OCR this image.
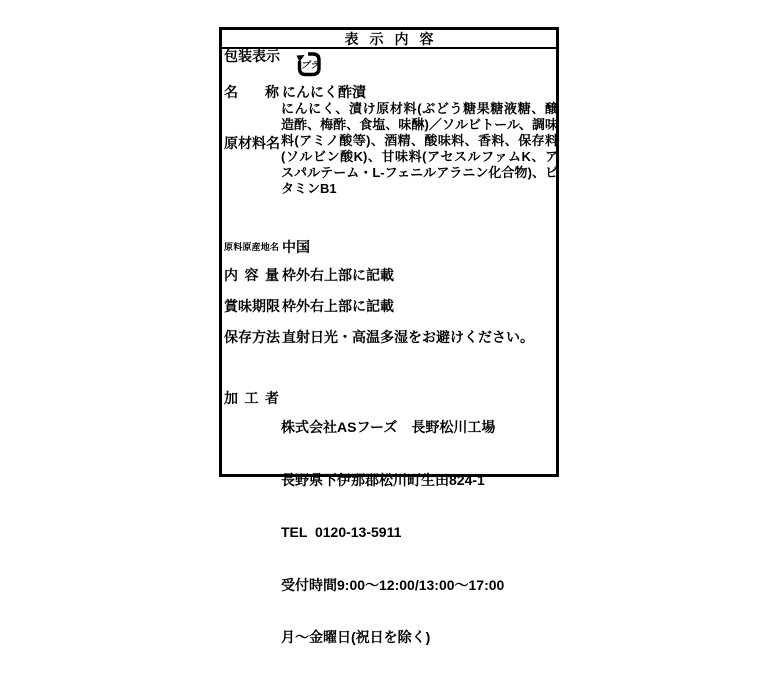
表 示 内 容
包 装 表 示
プラ
名 称 にんにく酢漬
原 材 料 名
にんにく、漬け原材料(ぶどう糖果糖液糖、醸造酢、梅酢、食塩、味醂)／ソルビトール、調味料(アミノ酸等)、酒精、酸味料、香料、保存料(ソルビン酸K)、甘味料(アセスルファムK、アスパルテーム・L-フェニルアラニン化合物)、ビタミンB1
原 料 原 産 地 名 中国
内 容 量 枠外右上部に記載
賞 味 期 限 枠外右上部に記載
保 存 方 法 直射日光・高温多湿をお避けください。
加 工 者

株式会社ASフーズ　長野松川工場

長野県下伊那郡松川町生田824-1

TEL  0120-13-5911

受付時間9:00～12:00/13:00～17:00

月～金曜日(祝日を除く)
